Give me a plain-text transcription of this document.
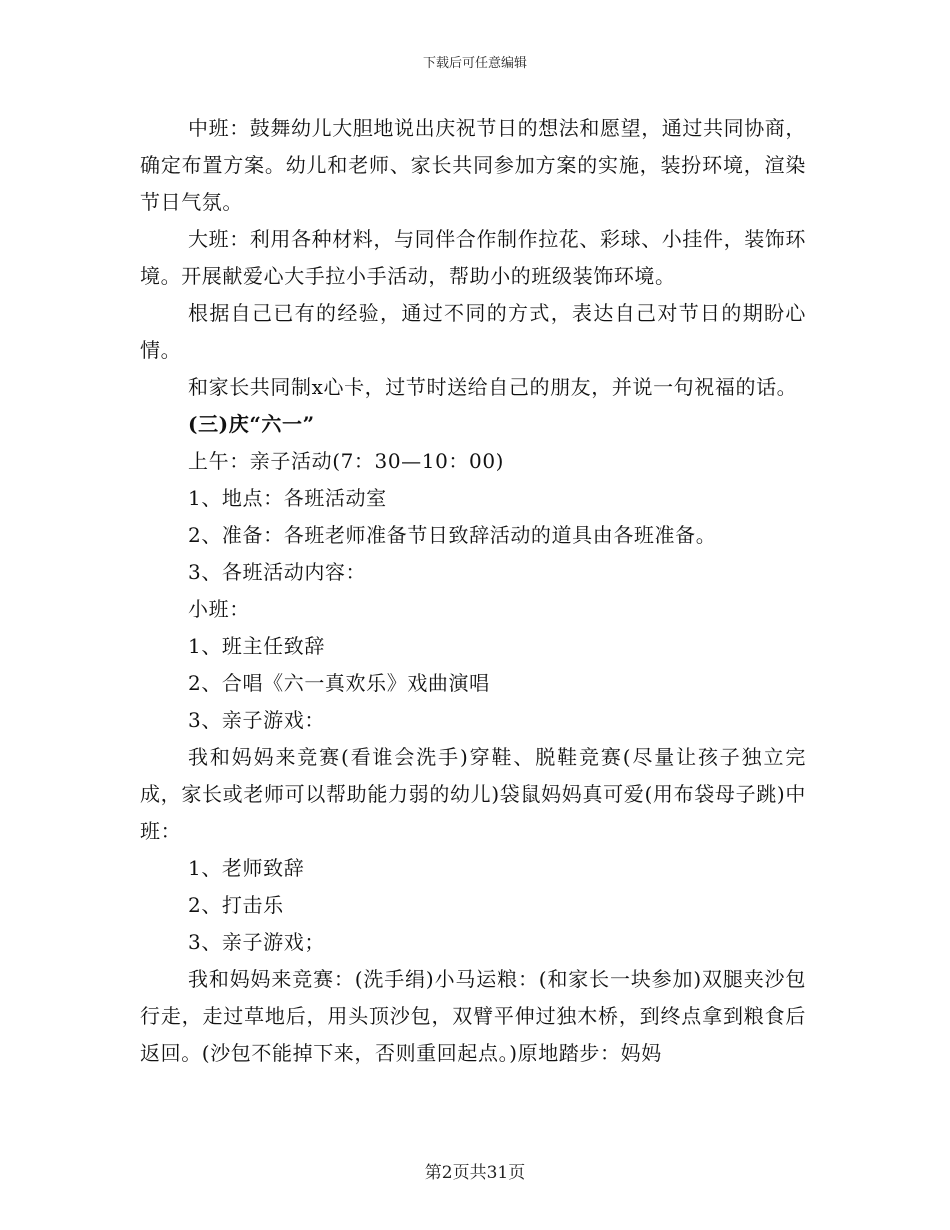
下载后可任意编辑

中班：鼓舞幼儿大胆地说出庆祝节日的想法和愿望，通过共同协商，确定布置方案。幼儿和老师、家长共同参加方案的实施，装扮环境，渲染节日气氛。

大班：利用各种材料，与同伴合作制作拉花、彩球、小挂件，装饰环境。开展献爱心大手拉小手活动，帮助小的班级装饰环境。

根据自己已有的经验，通过不同的方式，表达自己对节日的期盼心情。

和家长共同制x心卡，过节时送给自己的朋友，并说一句祝福的话。

(三)庆“六一”

上午：亲子活动(7：30—10：00)

1、地点：各班活动室

2、准备：各班老师准备节日致辞活动的道具由各班准备。

3、各班活动内容：

小班：

1、班主任致辞

2、合唱《六一真欢乐》戏曲演唱

3、亲子游戏：

我和妈妈来竞赛(看谁会洗手)穿鞋、脱鞋竞赛(尽量让孩子独立完成，家长或老师可以帮助能力弱的幼儿)袋鼠妈妈真可爱(用布袋母子跳)中班：

1、老师致辞

2、打击乐

3、亲子游戏；

我和妈妈来竞赛：(洗手绢)小马运粮：(和家长一块参加)双腿夹沙包行走，走过草地后，用头顶沙包，双臂平伸过独木桥，到终点拿到粮食后返回。(沙包不能掉下来，否则重回起点。)原地踏步：妈妈

第2页共31页
